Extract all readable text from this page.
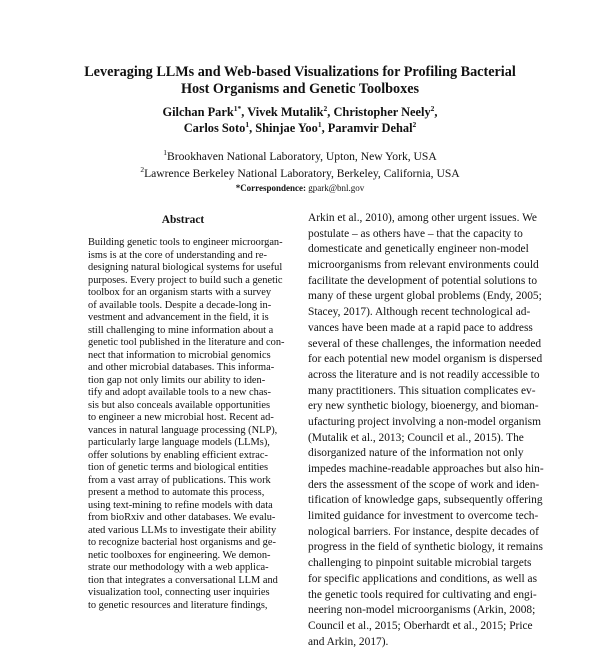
Leveraging LLMs and Web-based Visualizations for Profiling Bacterial
Host Organisms and Genetic Toolboxes
Gilchan Park$^{1*}$, Vivek Mutalik$^2$, Christopher Neely$^2$,
Carlos Soto$^1$, Shinjae Yoo$^1$, Paramvir Dehal$^2$
$^1$Brookhaven National Laboratory, Upton, New York, USA
$^2$Lawrence Berkeley National Laboratory, Berkeley, California, USA
*Correspondence: gpark@bnl.gov
Abstract
Building genetic tools to engineer microorgan-
isms is at the core of understanding and re-
designing natural biological systems for useful
purposes. Every project to build such a genetic
toolbox for an organism starts with a survey
of available tools. Despite a decade-long in-
vestment and advancement in the field, it is
still challenging to mine information about a
genetic tool published in the literature and con-
nect that information to microbial genomics
and other microbial databases. This informa-
tion gap not only limits our ability to iden-
tify and adopt available tools to a new chas-
sis but also conceals available opportunities
to engineer a new microbial host. Recent ad-
vances in natural language processing (NLP),
particularly large language models (LLMs),
offer solutions by enabling efficient extrac-
tion of genetic terms and biological entities
from a vast array of publications. This work
present a method to automate this process,
using text-mining to refine models with data
from bioRxiv and other databases. We evalu-
ated various LLMs to investigate their ability
to recognize bacterial host organisms and ge-
netic toolboxes for engineering. We demon-
strate our methodology with a web applica-
tion that integrates a conversational LLM and
visualization tool, connecting user inquiries
to genetic resources and literature findings,
Arkin et al., 2010), among other urgent issues. We
postulate – as others have – that the capacity to
domesticate and genetically engineer non-model
microorganisms from relevant environments could
facilitate the development of potential solutions to
many of these urgent global problems (Endy, 2005;
Stacey, 2017). Although recent technological ad-
vances have been made at a rapid pace to address
several of these challenges, the information needed
for each potential new model organism is dispersed
across the literature and is not readily accessible to
many practitioners. This situation complicates ev-
ery new synthetic biology, bioenergy, and bioman-
ufacturing project involving a non-model organism
(Mutalik et al., 2013; Council et al., 2015). The
disorganized nature of the information not only
impedes machine-readable approaches but also hin-
ders the assessment of the scope of work and iden-
tification of knowledge gaps, subsequently offering
limited guidance for investment to overcome tech-
nological barriers. For instance, despite decades of
progress in the field of synthetic biology, it remains
challenging to pinpoint suitable microbial targets
for specific applications and conditions, as well as
the genetic tools required for cultivating and engi-
neering non-model microorganisms (Arkin, 2008;
Council et al., 2015; Oberhardt et al., 2015; Price
and Arkin, 2017).
